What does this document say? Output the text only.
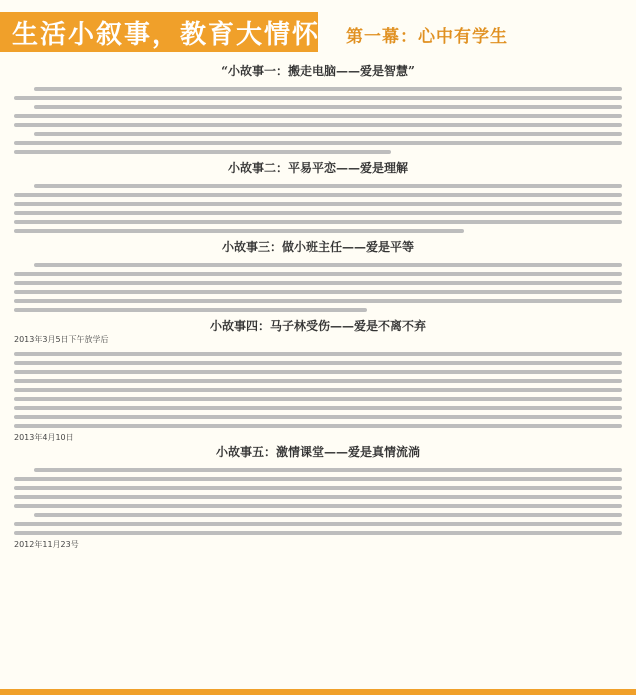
生活小叙事，教育大情怀 第一幕：心中有学生
“小故事一：搬走电脑——爱是智慧”
小故事二：平易平恋——爱是理解
小故事三：做小班主任——爱是平等
小故事四：马子林受伤——爱是不离不弃
2013年3月5日下午放学后
2013年4月10日
小故事五：激情课堂——爱是真情流淌
2012年11月23号
